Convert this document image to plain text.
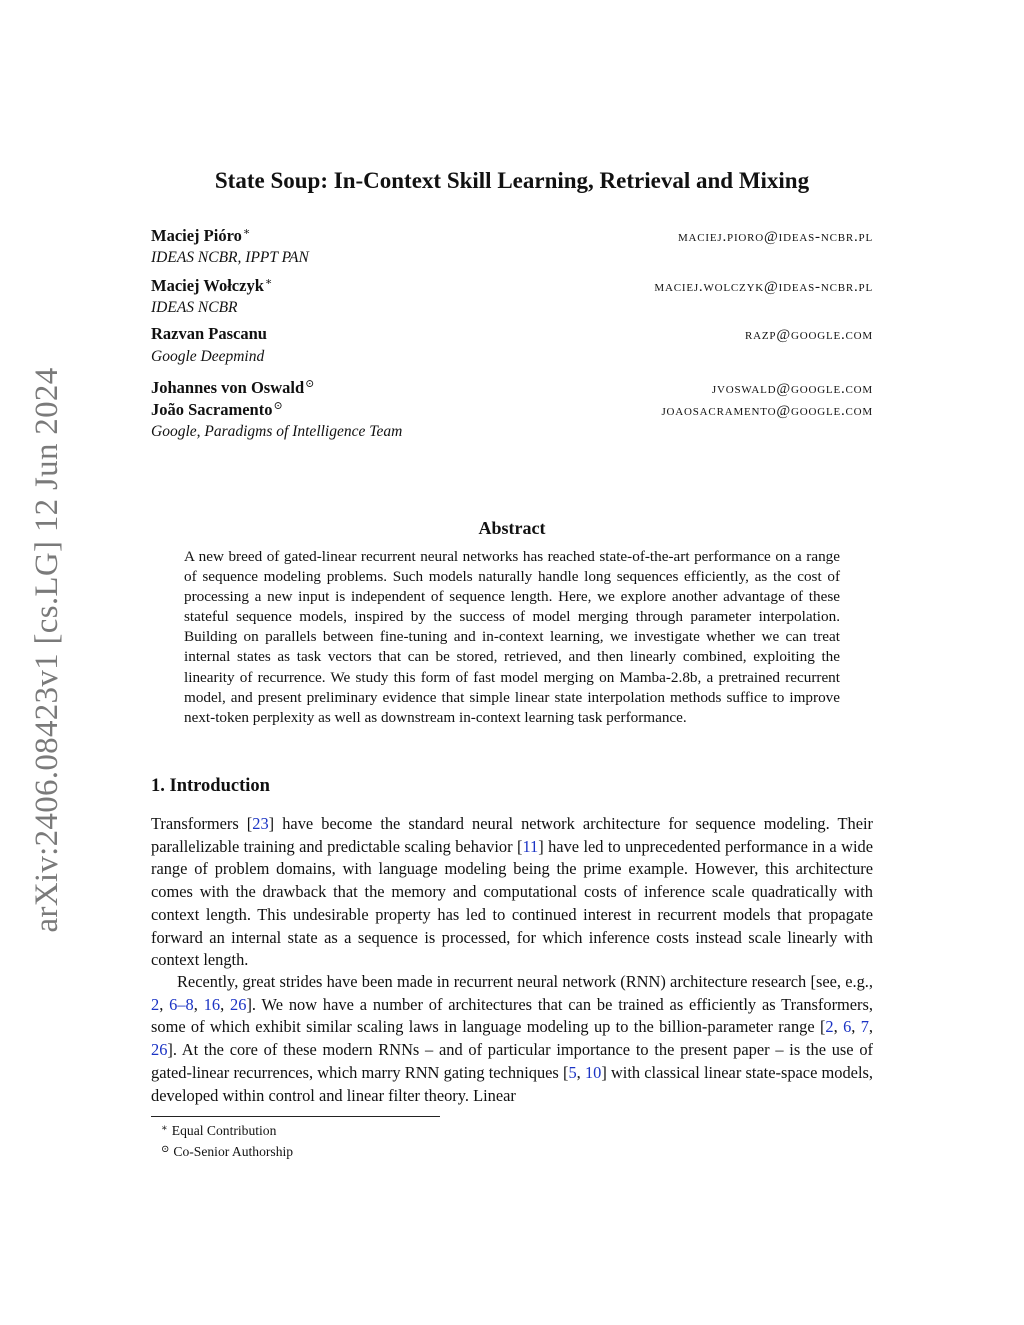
arXiv:2406.08423v1 [cs.LG] 12 Jun 2024
State Soup: In-Context Skill Learning, Retrieval and Mixing
Maciej Pióro∗	maciej.pioro@ideas-ncbr.pl
IDEAS NCBR, IPPT PAN
Maciej Wołczyk∗	maciej.wolczyk@ideas-ncbr.pl
IDEAS NCBR
Razvan Pascanu	razp@google.com
Google Deepmind
Johannes von Oswald⊙	jvoswald@google.com
João Sacramento⊙	joaosacramento@google.com
Google, Paradigms of Intelligence Team
Abstract
A new breed of gated-linear recurrent neural networks has reached state-of-the-art performance on a range of sequence modeling problems. Such models naturally handle long sequences efficiently, as the cost of processing a new input is independent of sequence length. Here, we explore another advantage of these stateful sequence models, inspired by the success of model merging through parameter interpolation. Building on parallels between fine-tuning and in-context learning, we investigate whether we can treat internal states as task vectors that can be stored, retrieved, and then linearly combined, exploiting the linearity of recurrence. We study this form of fast model merging on Mamba-2.8b, a pretrained recurrent model, and present preliminary evidence that simple linear state interpolation methods suffice to improve next-token perplexity as well as downstream in-context learning task performance.
1. Introduction
Transformers [23] have become the standard neural network architecture for sequence modeling. Their parallelizable training and predictable scaling behavior [11] have led to unprecedented performance in a wide range of problem domains, with language modeling being the prime example. However, this architecture comes with the drawback that the memory and computational costs of inference scale quadratically with context length. This undesirable property has led to continued interest in recurrent models that propagate forward an internal state as a sequence is processed, for which inference costs instead scale linearly with context length.
Recently, great strides have been made in recurrent neural network (RNN) architecture research [see, e.g., 2, 6–8, 16, 26]. We now have a number of architectures that can be trained as efficiently as Transformers, some of which exhibit similar scaling laws in language modeling up to the billion-parameter range [2, 6, 7, 26]. At the core of these modern RNNs – and of particular importance to the present paper – is the use of gated-linear recurrences, which marry RNN gating techniques [5, 10] with classical linear state-space models, developed within control and linear filter theory. Linear
∗ Equal Contribution
⊙ Co-Senior Authorship
